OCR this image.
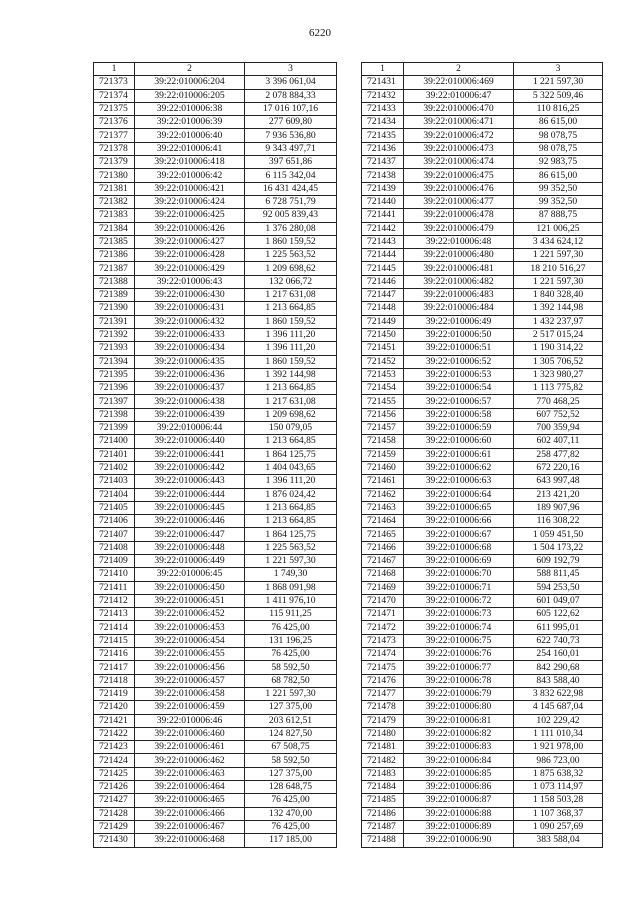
6220
1	2	3
721373	39:22:010006:204	3 396 061,04
721374	39:22:010006:205	2 078 884,33
721375	39:22:010006:38	17 016 107,16
721376	39:22:010006:39	277 609,80
721377	39:22:010006:40	7 936 536,80
721378	39:22:010006:41	9 343 497,71
721379	39:22:010006:418	397 651,86
721380	39:22:010006:42	6 115 342,04
721381	39:22:010006:421	16 431 424,45
721382	39:22:010006:424	6 728 751,79
721383	39:22:010006:425	92 005 839,43
721384	39:22:010006:426	1 376 280,08
721385	39:22:010006:427	1 860 159,52
721386	39:22:010006:428	1 225 563,52
721387	39:22:010006:429	1 209 698,62
721388	39:22:010006:43	132 066,72
721389	39:22:010006:430	1 217 631,08
721390	39:22:010006:431	1 213 664,85
721391	39:22:010006:432	1 860 159,52
721392	39:22:010006:433	1 396 111,20
721393	39:22:010006:434	1 396 111,20
721394	39:22:010006:435	1 860 159,52
721395	39:22:010006:436	1 392 144,98
721396	39:22:010006:437	1 213 664,85
721397	39:22:010006:438	1 217 631,08
721398	39:22:010006:439	1 209 698,62
721399	39:22:010006:44	150 079,05
721400	39:22:010006:440	1 213 664,85
721401	39:22:010006:441	1 864 125,75
721402	39:22:010006:442	1 404 043,65
721403	39:22:010006:443	1 396 111,20
721404	39:22:010006:444	1 876 024,42
721405	39:22:010006:445	1 213 664,85
721406	39:22:010006:446	1 213 664,85
721407	39:22:010006:447	1 864 125,75
721408	39:22:010006:448	1 225 563,52
721409	39:22:010006:449	1 221 597,30
721410	39:22:010006:45	1 749,30
721411	39:22:010006:450	1 868 091,98
721412	39:22:010006:451	1 411 976,10
721413	39:22:010006:452	115 911,25
721414	39:22:010006:453	76 425,00
721415	39:22:010006:454	131 196,25
721416	39:22:010006:455	76 425,00
721417	39:22:010006:456	58 592,50
721418	39:22:010006:457	68 782,50
721419	39:22:010006:458	1 221 597,30
721420	39:22:010006:459	127 375,00
721421	39:22:010006:46	203 612,51
721422	39:22:010006:460	124 827,50
721423	39:22:010006:461	67 508,75
721424	39:22:010006:462	58 592,50
721425	39:22:010006:463	127 375,00
721426	39:22:010006:464	128 648,75
721427	39:22:010006:465	76 425,00
721428	39:22:010006:466	132 470,00
721429	39:22:010006:467	76 425,00
721430	39:22:010006:468	117 185,00
1	2	3
721431	39:22:010006:469	1 221 597,30
721432	39:22:010006:47	5 322 509,46
721433	39:22:010006:470	110 816,25
721434	39:22:010006:471	86 615,00
721435	39:22:010006:472	98 078,75
721436	39:22:010006:473	98 078,75
721437	39:22:010006:474	92 983,75
721438	39:22:010006:475	86 615,00
721439	39:22:010006:476	99 352,50
721440	39:22:010006:477	99 352,50
721441	39:22:010006:478	87 888,75
721442	39:22:010006:479	121 006,25
721443	39:22:010006:48	3 434 624,12
721444	39:22:010006:480	1 221 597,30
721445	39:22:010006:481	18 210 516,27
721446	39:22:010006:482	1 221 597,30
721447	39:22:010006:483	1 840 328,40
721448	39:22:010006:484	1 392 144,98
721449	39:22:010006:49	1 432 237,97
721450	39:22:010006:50	2 517 015,24
721451	39:22:010006:51	1 190 314,22
721452	39:22:010006:52	1 305 706,52
721453	39:22:010006:53	1 323 980,27
721454	39:22:010006:54	1 113 775,82
721455	39:22:010006:57	770 468,25
721456	39:22:010006:58	607 752,52
721457	39:22:010006:59	700 359,94
721458	39:22:010006:60	602 407,11
721459	39:22:010006:61	258 477,82
721460	39:22:010006:62	672 220,16
721461	39:22:010006:63	643 997,48
721462	39:22:010006:64	213 421,20
721463	39:22:010006:65	189 907,96
721464	39:22:010006:66	116 308,22
721465	39:22:010006:67	1 059 451,50
721466	39:22:010006:68	1 504 173,22
721467	39:22:010006:69	609 192,79
721468	39:22:010006:70	588 811,45
721469	39:22:010006:71	594 253,50
721470	39:22:010006:72	601 049,07
721471	39:22:010006:73	605 122,62
721472	39:22:010006:74	611 995,01
721473	39:22:010006:75	622 740,73
721474	39:22:010006:76	254 160,01
721475	39:22:010006:77	842 290,68
721476	39:22:010006:78	843 588,40
721477	39:22:010006:79	3 832 622,98
721478	39:22:010006:80	4 145 687,04
721479	39:22:010006:81	102 229,42
721480	39:22:010006:82	1 111 010,34
721481	39:22:010006:83	1 921 978,00
721482	39:22:010006:84	986 723,00
721483	39:22:010006:85	1 875 638,32
721484	39:22:010006:86	1 073 114,97
721485	39:22:010006:87	1 158 503,28
721486	39:22:010006:88	1 107 368,37
721487	39:22:010006:89	1 090 257,69
721488	39:22:010006:90	383 588,04
